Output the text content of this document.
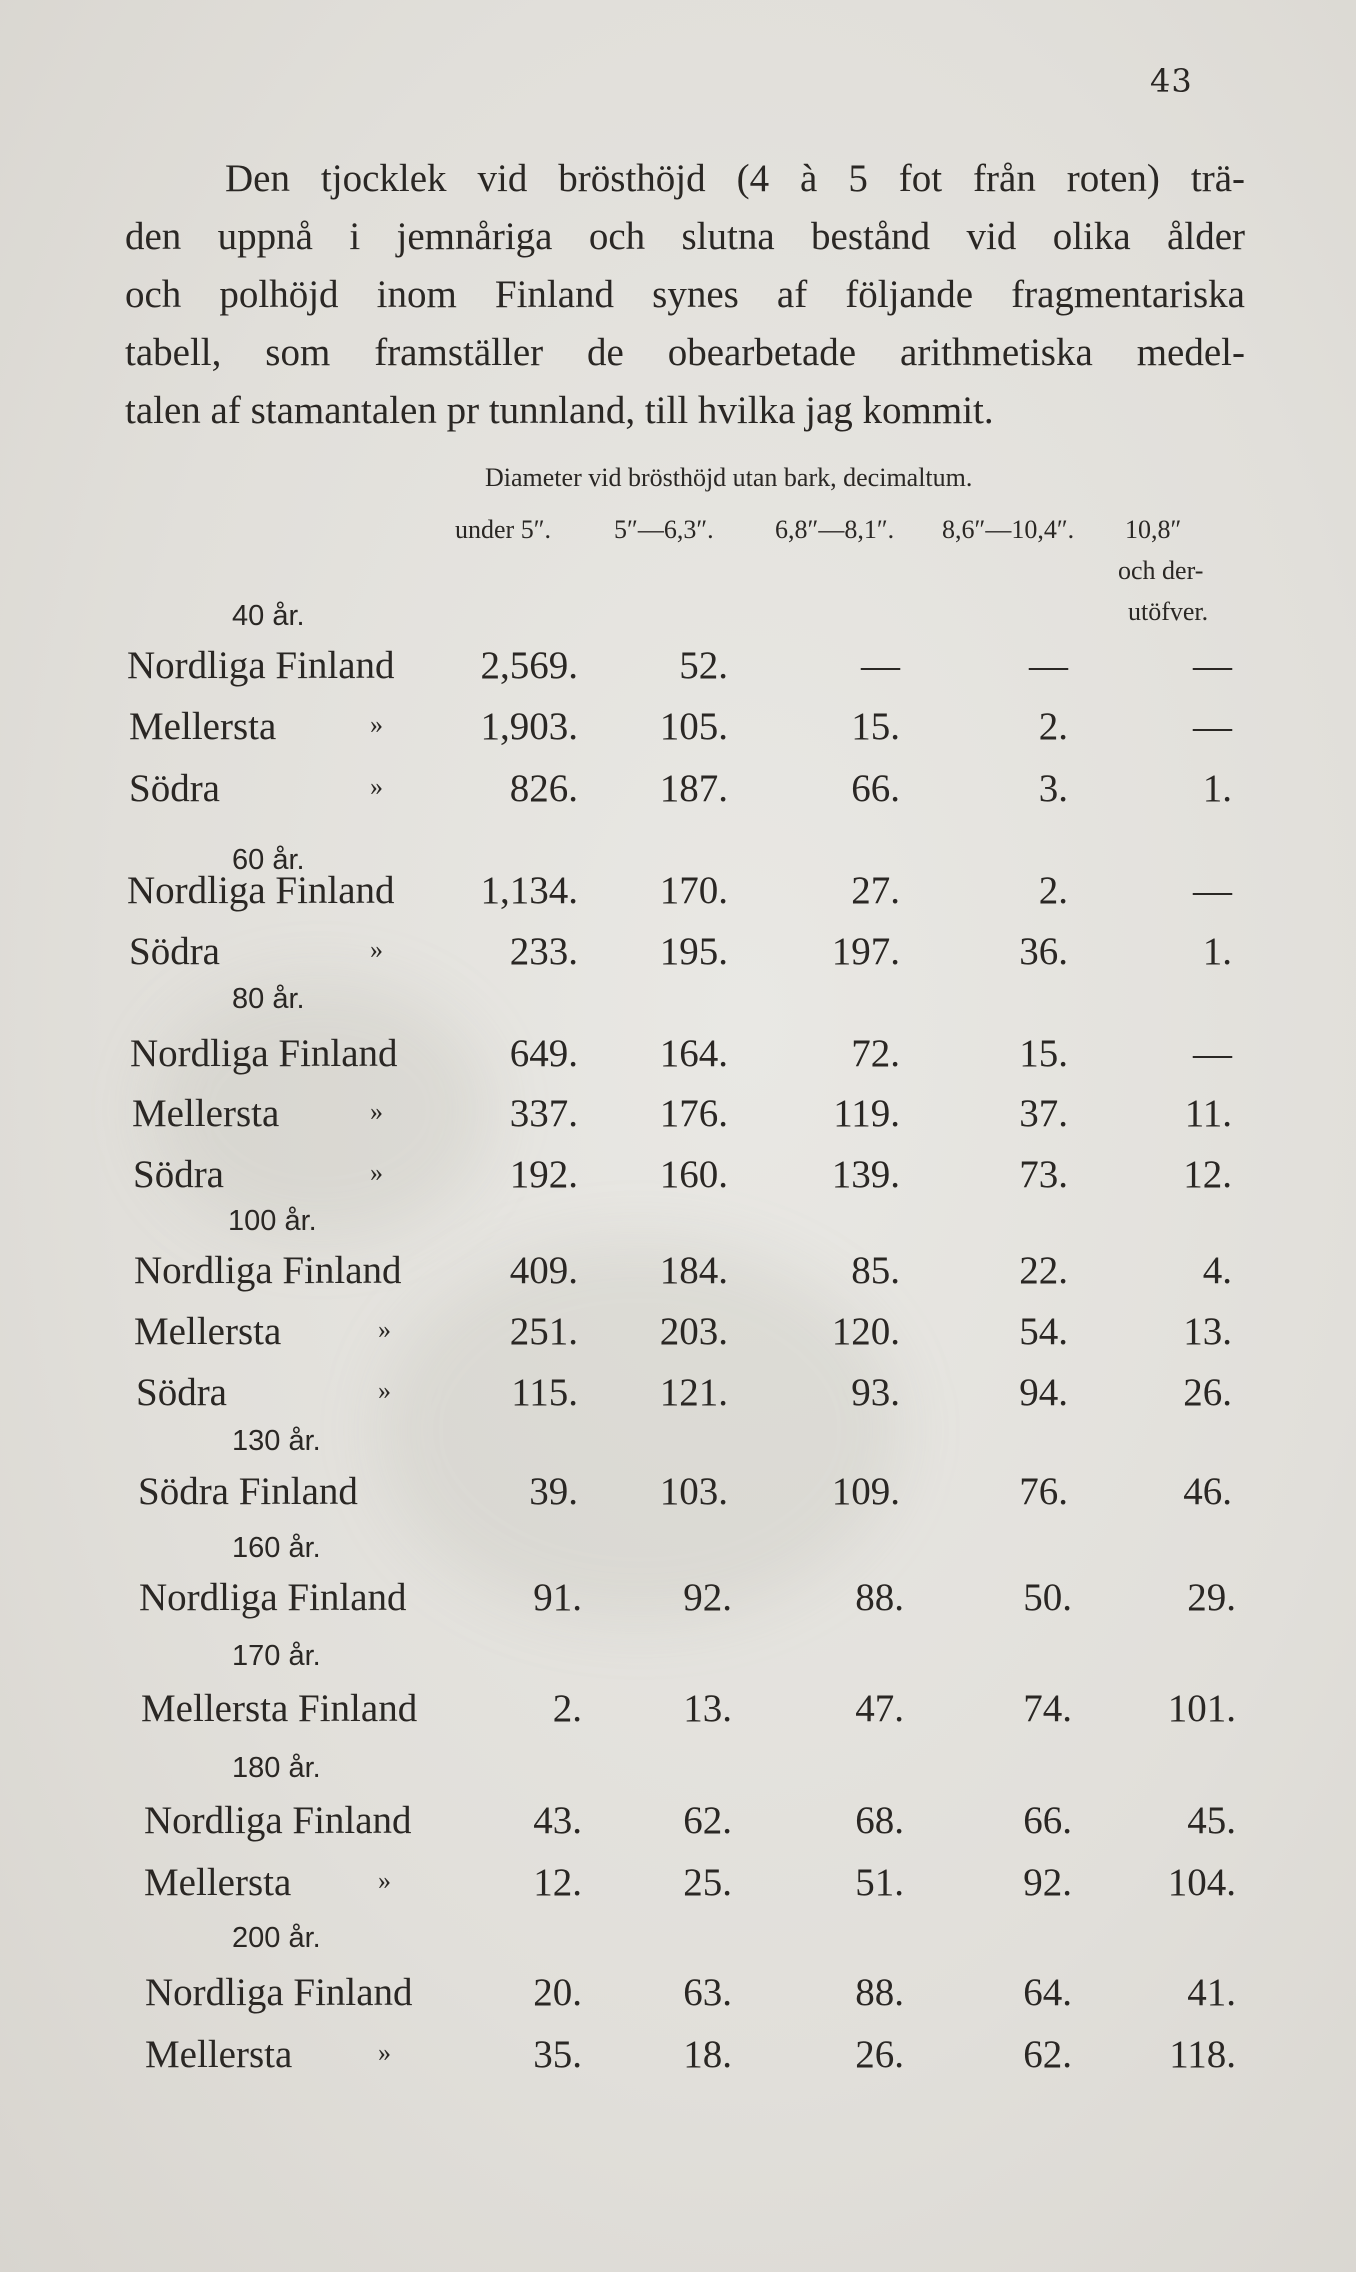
43
Den tjocklek vid brösthöjd (4 à 5 fot från roten) trä-
den uppnå i jemnåriga och slutna bestånd vid olika ålder
och polhöjd inom Finland synes af följande fragmentariska
tabell, som framställer de obearbetade arithmetiska medel-
talen af stamantalen pr tunnland, till hvilka jag kommit.
Diameter vid brösthöjd utan bark, decimaltum.
under 5″. 5″—6,3″. 6,8″—8,1″. 8,6″—10,4″. 10,8″
och der-
utöfver.
40 år.
Nordliga Finland 2,569.	52.	—	—	—
Mellersta	»	1,903. 105.	15.	2.	—
Södra	»	826. 187.	66.	3.	1.
60 år.
Nordliga Finland 1,134. 170.	27.	2.	—
Södra	»	233. 195.	197.	36.	1.
80 år.
Nordliga Finland	649. 164.	72.	15.	—
Mellersta	»	337. 176.	119.	37.	11.
Södra	»	192. 160.	139.	73.	12.
100 år.
Nordliga Finland	409. 184.	85.	22.	4.
Mellersta	»	251. 203.	120.	54.	13.
Södra	»	115. 121.	93.	94.	26.
130 år.
Södra Finland	39. 103.	109.	76.	46.
160 år.
Nordliga Finland	91.	92.	88.	50.	29.
170 år.
Mellersta Finland	2.	13.	47.	74. 101.
180 år.
Nordliga Finland	43.	62.	68.	66.	45.
Mellersta	»	12.	25.	51.	92. 104.
200 år.
Nordliga Finland	20.	63.	88.	64.	41.
Mellersta	»	35.	18.	26.	62. 118.
